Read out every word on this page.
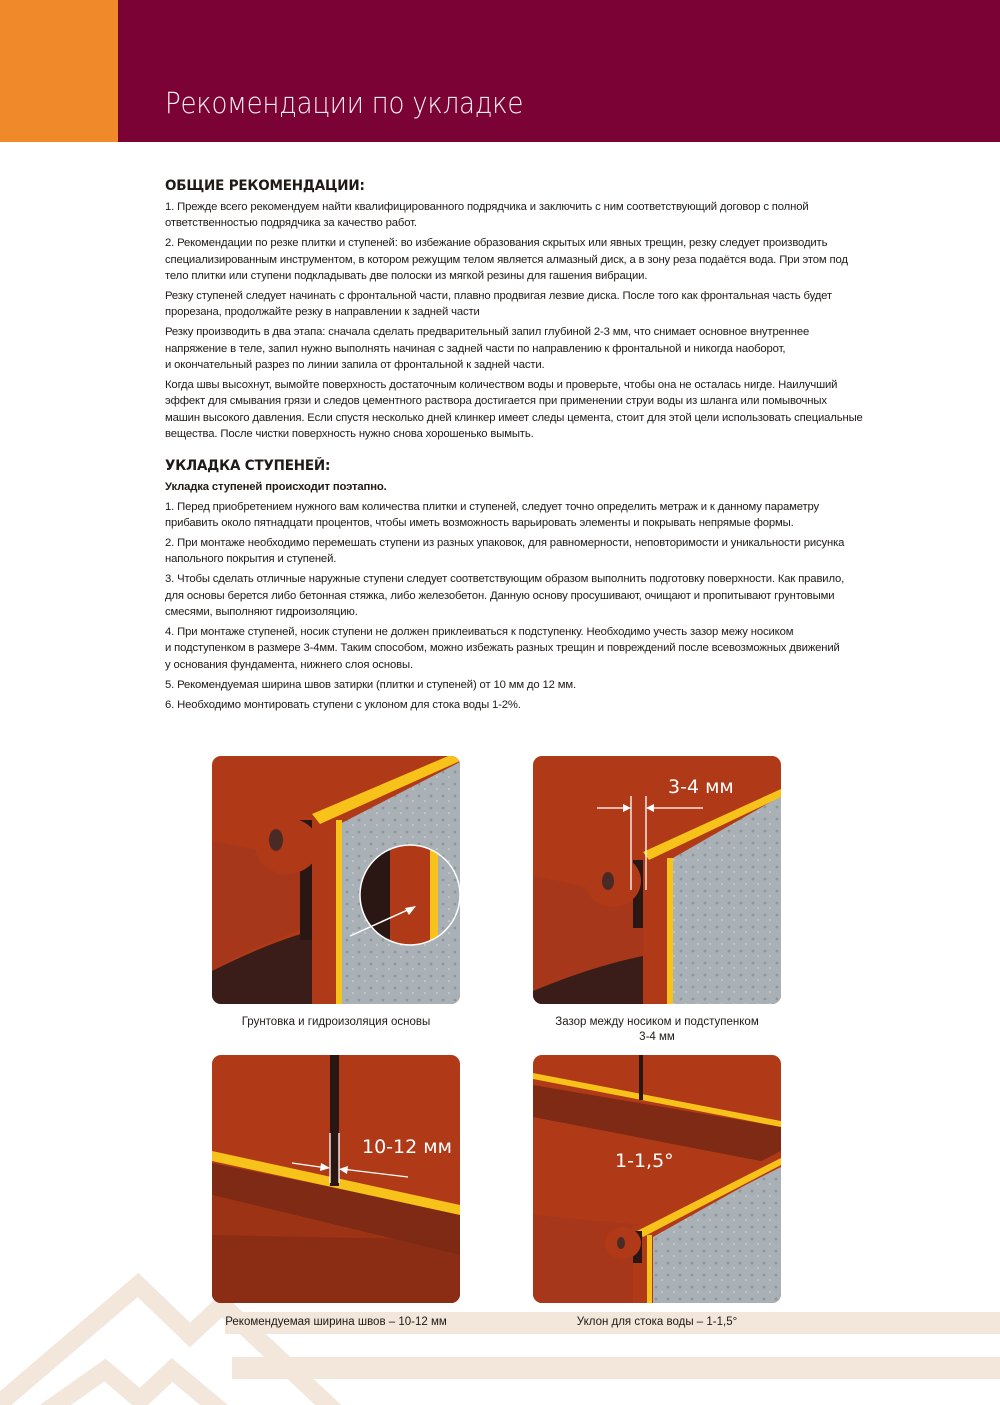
Рекомендации по укладке
ОБЩИЕ РЕКОМЕНДАЦИИ:

1. Прежде всего рекомендуем найти квалифицированного подрядчика и заключить с ним соответствующий договор с полной
ответственностью подрядчика за качество работ.

2. Рекомендации по резке плитки и ступеней: во избежание образования скрытых или явных трещин, резку следует производить
специализированным инструментом, в котором режущим телом является алмазный диск, а в зону реза подаётся вода. При этом под
тело плитки или ступени подкладывать две полоски из мягкой резины для гашения вибрации.

Резку ступеней следует начинать с фронтальной части, плавно продвигая лезвие диска. После того как фронтальная часть будет
прорезана, продолжайте резку в направлении к задней части

Резку производить в два этапа: сначала сделать предварительный запил глубиной 2-3 мм, что снимает основное внутреннее
напряжение в теле, запил нужно выполнять начиная с задней части по направлению к фронтальной и никогда наоборот,
и окончательный разрез по линии запила от фронтальной к задней части.

Когда швы высохнут, вымойте поверхность достаточным количеством воды и проверьте, чтобы она не осталась нигде. Наилучший
эффект для смывания грязи и следов цементного раствора достигается при применении струи воды из шланга или помывочных
машин высокого давления. Если спустя несколько дней клинкер имеет следы цемента, стоит для этой цели использовать специальные
вещества. После чистки поверхность нужно снова хорошенько вымыть.

УКЛАДКА СТУПЕНЕЙ:

Укладка ступеней происходит поэтапно.

1. Перед приобретением нужного вам количества плитки и ступеней, следует точно определить метраж и к данному параметру
прибавить около пятнадцати процентов, чтобы иметь возможность варьировать элементы и покрывать непрямые формы.

2. При монтаже необходимо перемешать ступени из разных упаковок, для равномерности, неповторимости и уникальности рисунка
напольного покрытия и ступеней.

3. Чтобы сделать отличные наружные ступени следует соответствующим образом выполнить подготовку поверхности. Как правило,
для основы берется либо бетонная стяжка, либо железобетон. Данную основу просушивают, очищают и пропитывают грунтовыми
смесями, выполняют гидроизоляцию.

4. При монтаже ступеней, носик ступени не должен приклеиваться к подступенку. Необходимо учесть зазор межу носиком
и подступенком в размере 3-4мм. Таким способом, можно избежать разных трещин и повреждений после всевозможных движений
у основания фундамента, нижнего слоя основы.

5. Рекомендуемая ширина швов затирки (плитки и ступеней) от 10 мм до 12 мм.

6. Необходимо монтировать ступени с уклоном для стока воды 1-2%.

Грунтовка и гидроизоляция основы
3-4 мм
Зазор между носиком и подступенком
3-4 мм
10-12 мм
Рекомендуемая ширина швов – 10-12 мм
1-1,5°
Уклон для стока воды – 1-1,5°
